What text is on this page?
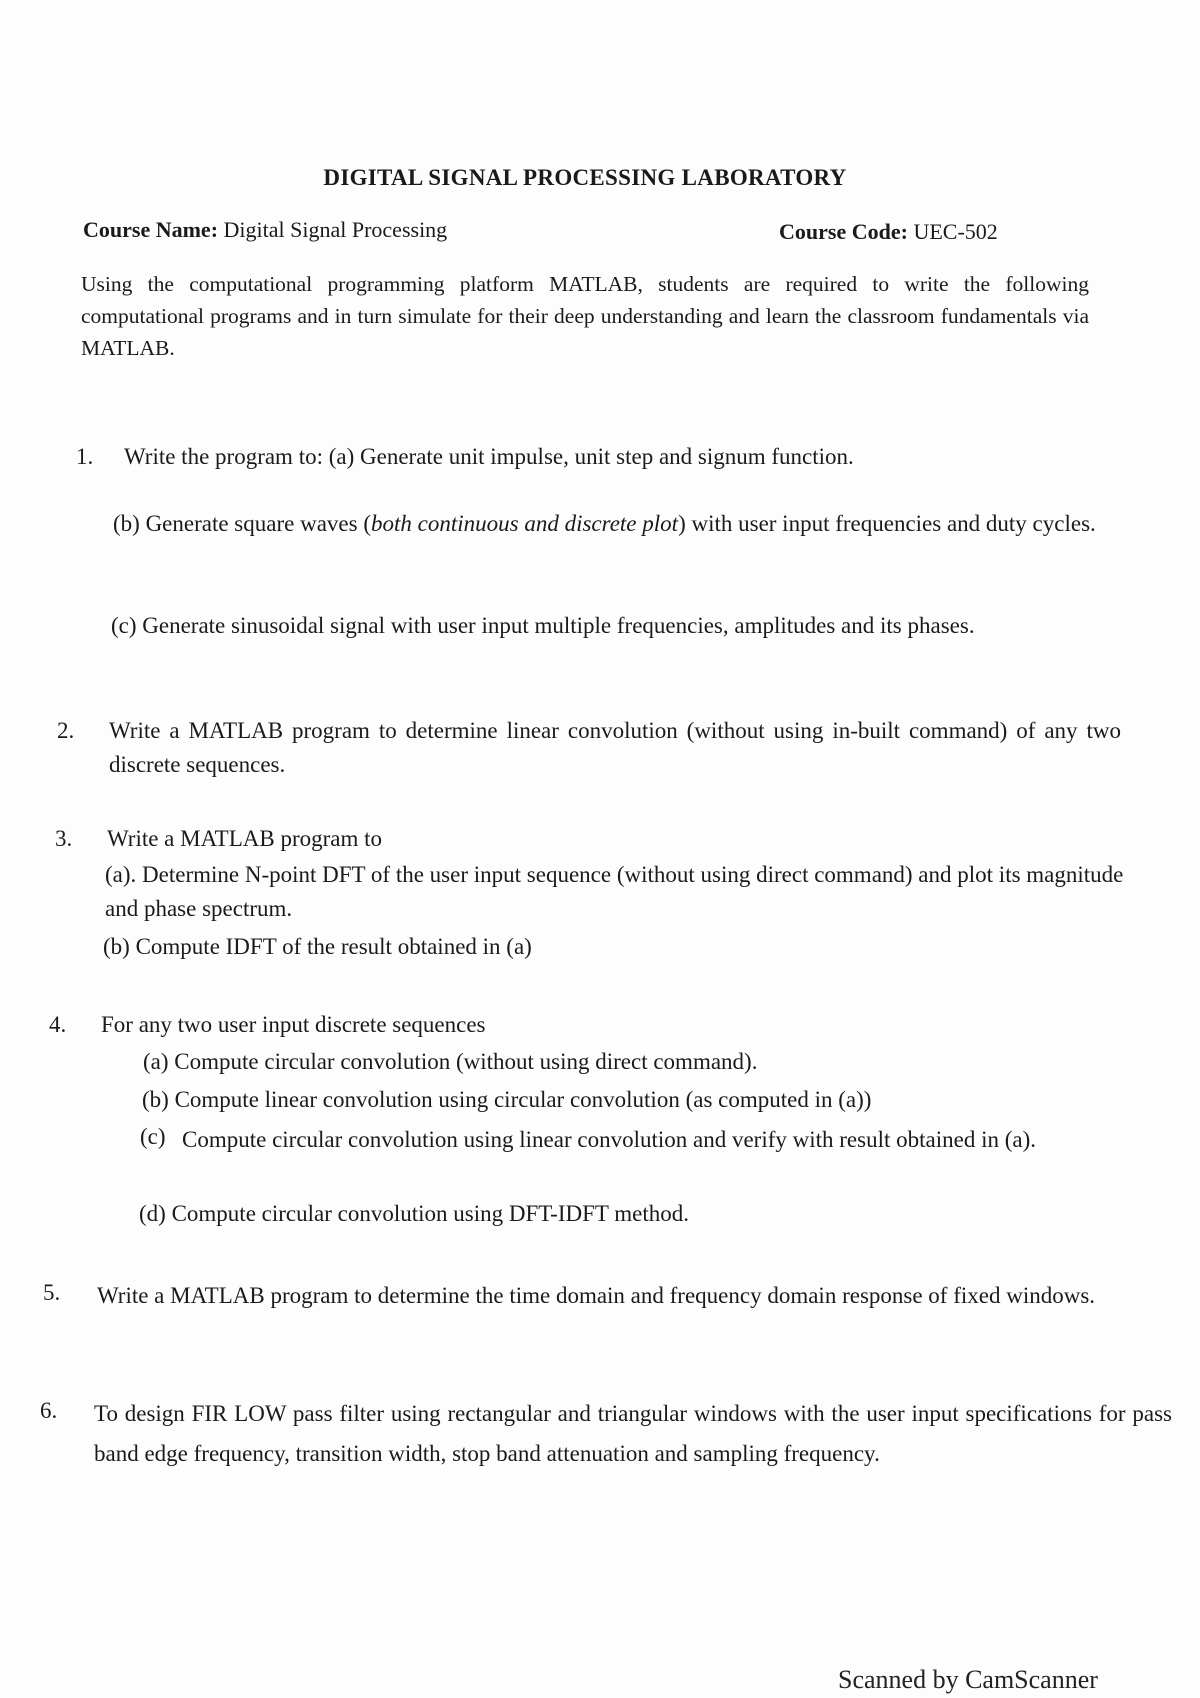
DIGITAL SIGNAL PROCESSING LABORATORY
Course Name: Digital Signal Processing	Course Code: UEC-502
Using the computational programming platform MATLAB, students are required to write the following computational programs and in turn simulate for their deep understanding and learn the classroom fundamentals via MATLAB.
1. Write the program to: (a) Generate unit impulse, unit step and signum function.
(b) Generate square waves (both continuous and discrete plot) with user input frequencies and duty cycles.
(c) Generate sinusoidal signal with user input multiple frequencies, amplitudes and its phases.
2. Write a MATLAB program to determine linear convolution (without using in-built command) of any two discrete sequences.
3. Write a MATLAB program to
(a). Determine N-point DFT of the user input sequence (without using direct command) and plot its magnitude and phase spectrum.
(b) Compute IDFT of the result obtained in (a)
4. For any two user input discrete sequences
(a) Compute circular convolution (without using direct command).
(b) Compute linear convolution using circular convolution (as computed in (a))
(c) Compute circular convolution using linear convolution and verify with result obtained in (a).
(d) Compute circular convolution using DFT-IDFT method.
5. Write a MATLAB program to determine the time domain and frequency domain response of fixed windows.
6. To design FIR LOW pass filter using rectangular and triangular windows with the user input specifications for pass band edge frequency, transition width, stop band attenuation and sampling frequency.
Scanned by CamScanner
